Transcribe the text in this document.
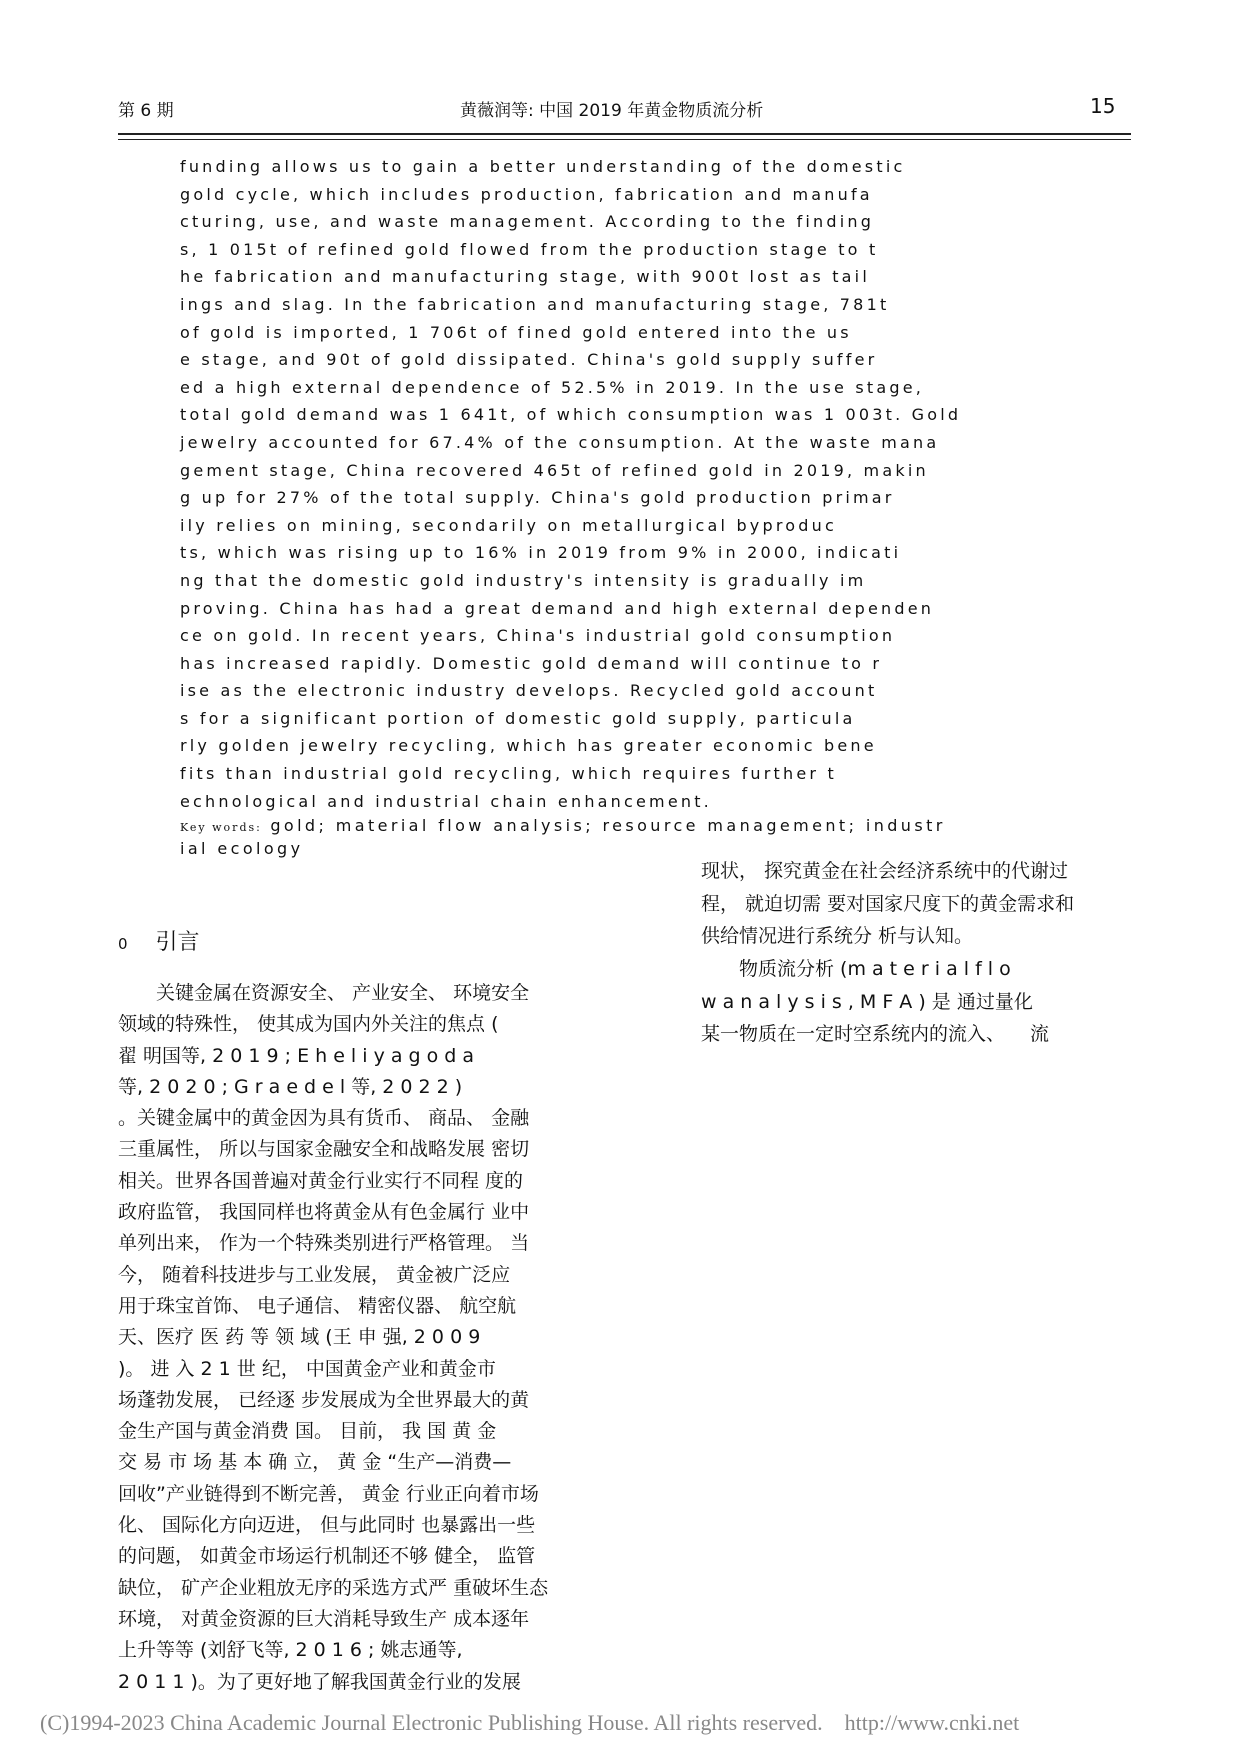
第 6 期	黄薇润等: 中国 2019 年黄金物质流分析	15
funding allows us to gain a better understanding of the domestic
gold cycle, which includes production, fabrication and manufa
cturing, use, and waste management. According to the finding
s, 1 015t of refined gold flowed from the production stage to t
he fabrication and manufacturing stage, with 900t lost as tail
ings and slag. In the fabrication and manufacturing stage, 781t
of gold is imported, 1 706t of fined gold entered into the us
e stage, and 90t of gold dissipated. China's gold supply suffer
ed a high external dependence of 52.5% in 2019. In the use stage,
total gold demand was 1 641t, of which consumption was 1 003t. Gold
jewelry accounted for 67.4% of the consumption. At the waste mana
gement stage, China recovered 465t of refined gold in 2019, makin
g up for 27% of the total supply. China's gold production primar
ily relies on mining, secondarily on metallurgical byproduc
ts, which was rising up to 16% in 2019 from 9% in 2000, indicati
ng that the domestic gold industry's intensity is gradually im
proving. China has had a great demand and high external dependen
ce on gold. In recent years, China's industrial gold consumption
has increased rapidly. Domestic gold demand will continue to r
ise as the electronic industry develops. Recycled gold account
s for a significant portion of domestic gold supply, particula
rly golden jewelry recycling, which has greater economic bene
fits than industrial gold recycling, which requires further t
echnological and industrial chain enhancement.
Key words: gold; material flow analysis; resource management; industr
ial ecology
0 引言
　　关键金属在资源安全、 产业安全、 环境安全
领域的特殊性， 使其成为国内外关注的焦点 (
翟 明国等, 2 0 1 9 ; E h e l i y a g o d a
等, 2 0 2 0 ; G r a e d e l 等, 2 0 2 2 )
。关键金属中的黄金因为具有货币、 商品、 金融
三重属性， 所以与国家金融安全和战略发展 密切
相关。世界各国普遍对黄金行业实行不同程 度的
政府监管， 我国同样也将黄金从有色金属行 业中
单列出来， 作为一个特殊类别进行严格管理。 当
今， 随着科技进步与工业发展， 黄金被广泛应
用于珠宝首饰、 电子通信、 精密仪器、 航空航
天、医疗 医 药 等 领 域 (王 申 强, 2 0 0 9
)。 进 入 2 1 世 纪， 中国黄金产业和黄金市
场蓬勃发展， 已经逐 步发展成为全世界最大的黄
金生产国与黄金消费 国。 目前， 我 国 黄 金
交 易 市 场 基 本 确 立， 黄 金 “生产—消费—
回收”产业链得到不断完善， 黄金 行业正向着市场
化、 国际化方向迈进， 但与此同时 也暴露出一些
的问题， 如黄金市场运行机制还不够 健全， 监管
缺位， 矿产企业粗放无序的采选方式严 重破坏生态
环境， 对黄金资源的巨大消耗导致生产 成本逐年
上升等等 (刘舒飞等, 2 0 1 6 ; 姚志通等,
2 0 1 1 )。为了更好地了解我国黄金行业的发展
现状， 探究黄金在社会经济系统中的代谢过
程， 就迫切需 要对国家尺度下的黄金需求和
供给情况进行系统分 析与认知。
　　物质流分析 (m a t e r i a l f l o
w a n a l y s i s , M F A ) 是 通过量化
某一物质在一定时空系统内的流入、 　流
(C)1994-2023 China Academic Journal Electronic Publishing House. All rights reserved.    http://www.cnki.net
